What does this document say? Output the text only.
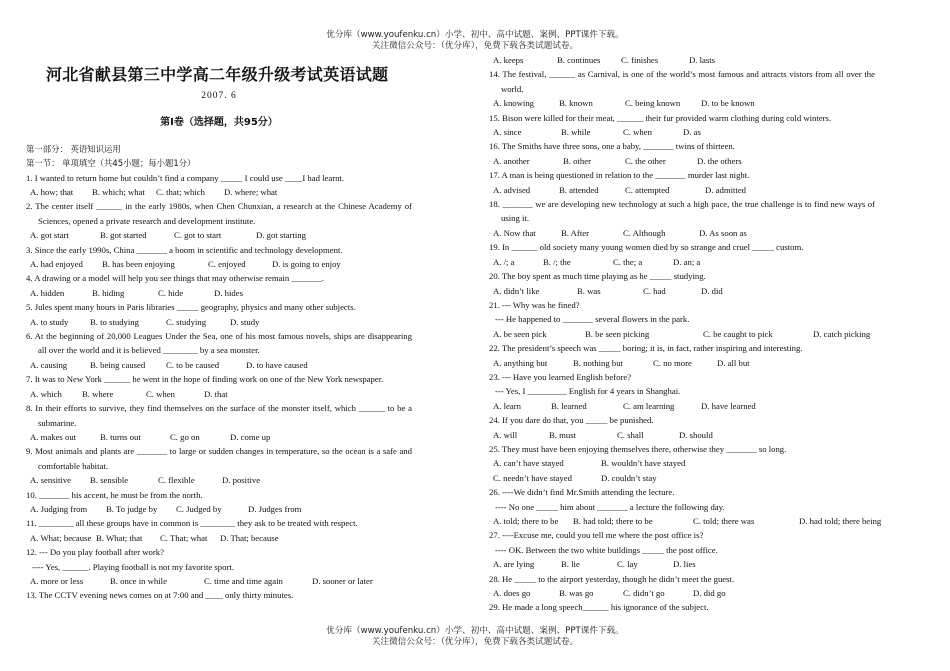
优分库（www.youfenku.cn）小学、初中、高中试题、案例、PPT课件下载。
关注微信公众号：（优分库），免费下载各类试题试卷。
河北省献县第三中学高二年级升级考试英语试题
2007. 6
第Ⅰ卷（选择题，共95分）
第一部分： 英语知识运用
第一节： 单项填空（共45小题；每小题1分）
1. I wanted to return home but couldn’t find a company _____ I could use ____I had learnt.
A. how; that B. which; what C. that; which D. where; what
2. The center itself ______ in the early 1980s, when Chen Chunxian, a research at the Chinese Academy of Sciences, opened a private research and development institute.
A. got start	B. got started	C. got to start	D. got starting
3. Since the early 1990s, China _______ a boom in scientific and technology development.
A. had enjoyed B. has been enjoying	C. enjoyed	D. is going to enjoy
4. A drawing or a model will help you see things that may otherwise remain _______.
A. hidden	B. hiding	C. hide	D. hides
5. Jules spent many hours in Paris libraries _____ geography, physics and many other subjects.
A. to study B. to studying	C. studying	D. study
6. At the beginning of 20,000 Leagues Under the Sea, one of his most famous novels, ships are disappearing all over the world and it is believed ________ by a sea monster.
A. causing	B. being caused C. to be caused	D. to have caused
7. It was to New York ______ he went in the hope of finding work on one of the New York newspaper.
A. which B. where	C. when	D. that
8. In their efforts to survive, they find themselves on the surface of the monster itself, which ______ to be a submarine.
A. makes out	B. turns out	C. go on	D. come up
9. Most animals and plants are _______ to large or sudden changes in temperature, so the ocean is a safe and comfortable habitat.
A. sensitive B. sensible	C. flexible	D. positive
10. _______ his accent, he must be from the north.
A. Judging from B. To judge by C. Judged by	D. Judges from
11. ________ all these groups have in common is ________ they ask to be treated with respect.
A. What; because B. What; that C. That; what D. That; because
12. --- Do you play football after work?
---- Yes, ______. Playing football is not my favorite sport.
A. more or less	B. once in while	C. time and time again	D. sooner or later
13. The CCTV evening news comes on at 7:00 and ____ only thirty minutes.
A. keeps	B. continues C. finishes	D. lasts
14. The festival, ______ as Carnival, is one of the world’s most famous and attracts vistors from all over the world.
A. knowing	B. known	C. being known D. to be known
15. Bison were killed for their meat, ______ their fur provided warm clothing during cold winters.
A. since	B. while	C. when	D. as
16. The Smiths have three sons, one a baby, _______ twins of thirteen.
A. another	B. other	C. the other	D. the others
17. A man is being questioned in relation to the _______ murder last night.
A. advised	B. attended	C. attempted	D. admitted
18. _______ we are developing new technology at such a high pace, the true challenge is to find new ways of using it.
A. Now that	B. After	C. Although	D. As soon as
19. In ______ old society many young women died by so strange and cruel _____ custom.
A. /; a	B. /; the	C. the; a	D. an; a
20. The boy spent as much time playing as he _____ studying.
A. didn’t like	B. was	C. had	D. did
21. --- Why was he fined?
--- He happened to _______ several flowers in the park.
A. be seen pick	B. be seen picking	C. be caught to pick	D. catch picking
22. The president’s speech was _____ boring; it is, in fact, rather inspiring and interesting.
A. anything but	B. nothing but	C. no more	D. all but
23. --- Have you learned English before?
--- Yes, I _________ English for 4 years in Shanghai.
A. learn	B. learned	C. am learning	D. have learned
24. If you dare do that, you _____ be punished.
A. will	B. must	C. shall	D. should
25. They must have been enjoying themselves there, otherwise they _______ so long.
A. can’t have stayed	B. wouldn’t have stayed
C. needn’t have stayed	D. couldn’t stay
26. ----We didn’t find Mr.Smith attending the lecture.
---- No one _____ him about _______ a lecture the following day.
A. told; there to be B. had told; there to be	C. told; there was	D. had told; there being
27. ----Excuse me, could you tell me where the post office is?
---- OK. Between the two white buildings _____ the post office.
A. are lying	B. lie	C. lay	D. lies
28. He _____ to the airport yesterday, though he didn’t meet the guest.
A. does go	B. was go	C. didn’t go	D. did go
29. He made a long speech______ his ignorance of the subject.
优分库（www.youfenku.cn）小学、初中、高中试题、案例、PPT课件下载。
关注微信公众号：（优分库），免费下载各类试题试卷。
